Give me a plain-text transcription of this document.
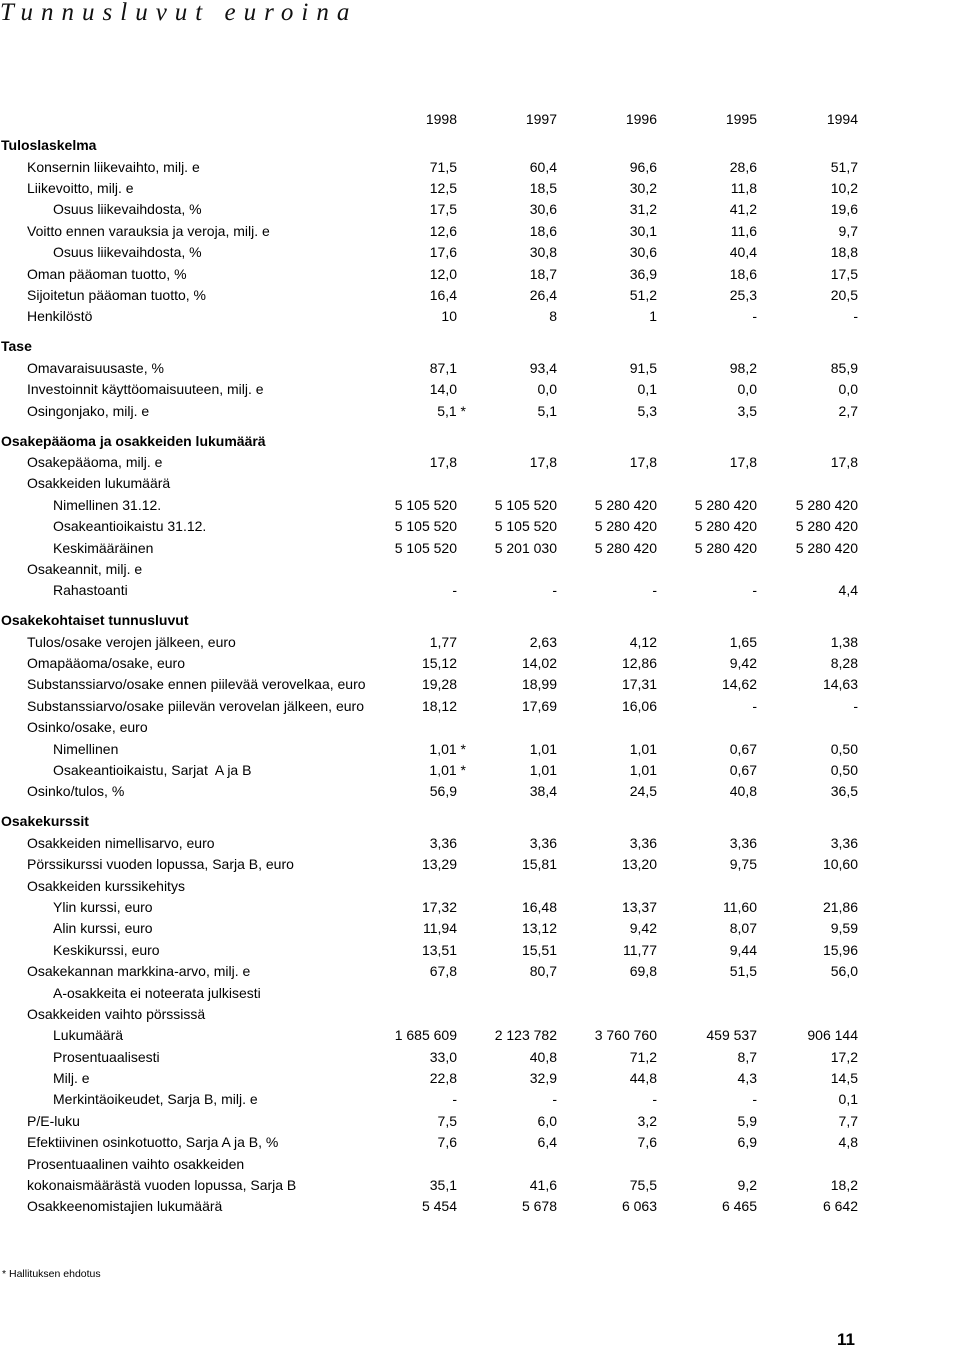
Tunnusluvut euroina
1998	1997	1996	1995	1994
Tuloslaskelma
Konsernin liikevaihto, milj. e	71,5	60,4	96,6	28,6	51,7
Liikevoitto, milj. e	12,5	18,5	30,2	11,8	10,2
Osuus liikevaihdosta, %	17,5	30,6	31,2	41,2	19,6
Voitto ennen varauksia ja veroja, milj. e	12,6	18,6	30,1	11,6	9,7
Osuus liikevaihdosta, %	17,6	30,8	30,6	40,4	18,8
Oman pääoman tuotto, %	12,0	18,7	36,9	18,6	17,5
Sijoitetun pääoman tuotto, %	16,4	26,4	51,2	25,3	20,5
Henkilöstö	10	8	1	-	-
Tase
Omavaraisuusaste, %	87,1	93,4	91,5	98,2	85,9
Investoinnit käyttöomaisuuteen, milj. e	14,0	0,0	0,1	0,0	0,0
Osingonjako, milj. e	5,1 *	5,1	5,3	3,5	2,7
Osakepääoma ja osakkeiden lukumäärä
Osakepääoma, milj. e	17,8	17,8	17,8	17,8	17,8
Osakkeiden lukumäärä
Nimellinen 31.12.	5 105 520	5 105 520	5 280 420	5 280 420	5 280 420
Osakeantioikaistu 31.12.	5 105 520	5 105 520	5 280 420	5 280 420	5 280 420
Keskimääräinen	5 105 520	5 201 030	5 280 420	5 280 420	5 280 420
Osakeannit, milj. e
Rahastoanti	-	-	-	-	4,4
Osakekohtaiset tunnusluvut
Tulos/osake verojen jälkeen, euro	1,77	2,63	4,12	1,65	1,38
Omapääoma/osake, euro	15,12	14,02	12,86	9,42	8,28
Substanssiarvo/osake ennen piilevää verovelkaa, euro	19,28	18,99	17,31	14,62	14,63
Substanssiarvo/osake piilevän verovelan jälkeen, euro	18,12	17,69	16,06	-	-
Osinko/osake, euro
Nimellinen	1,01 *	1,01	1,01	0,67	0,50
Osakeantioikaistu, Sarjat  A ja B	1,01 *	1,01	1,01	0,67	0,50
Osinko/tulos, %	56,9	38,4	24,5	40,8	36,5
Osakekurssit
Osakkeiden nimellisarvo, euro	3,36	3,36	3,36	3,36	3,36
Pörssikurssi vuoden lopussa, Sarja B, euro	13,29	15,81	13,20	9,75	10,60
Osakkeiden kurssikehitys
Ylin kurssi, euro	17,32	16,48	13,37	11,60	21,86
Alin kurssi, euro	11,94	13,12	9,42	8,07	9,59
Keskikurssi, euro	13,51	15,51	11,77	9,44	15,96
Osakekannan markkina-arvo, milj. e	67,8	80,7	69,8	51,5	56,0
A-osakkeita ei noteerata julkisesti
Osakkeiden vaihto pörssissä
Lukumäärä	1 685 609	2 123 782	3 760 760	459 537	906 144
Prosentuaalisesti	33,0	40,8	71,2	8,7	17,2
Milj. e	22,8	32,9	44,8	4,3	14,5
Merkintäoikeudet, Sarja B, milj. e	-	-	-	-	0,1
P/E-luku	7,5	6,0	3,2	5,9	7,7
Efektiivinen osinkotuotto, Sarja A ja B, %	7,6	6,4	7,6	6,9	4,8
Prosentuaalinen vaihto osakkeiden
kokonaismäärästä vuoden lopussa, Sarja B	35,1	41,6	75,5	9,2	18,2
Osakkeenomistajien lukumäärä	5 454	5 678	6 063	6 465	6 642
* Hallituksen ehdotus
11
